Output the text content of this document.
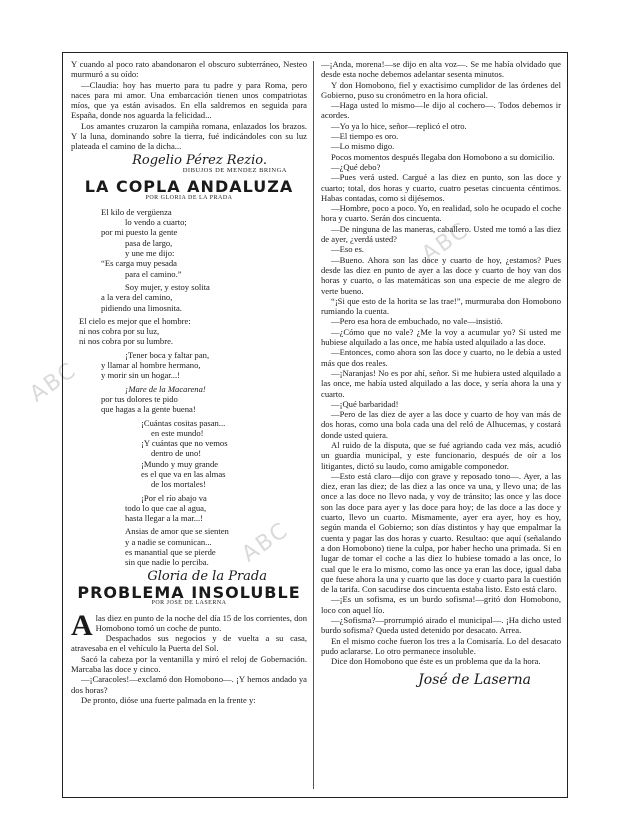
ABC
ABC
ABC

Y cuando al poco rato abandonaron el obscuro subterráneo, Nesteo murmuró a su oído:

—Claudia: hoy has muerto para tu padre y para Roma, pero naces para mi amor. Una embarcación tienen unos compatriotas míos, que ya están avisados. En ella saldremos en seguida para España, donde nos aguarda la felicidad...

Los amantes cruzaron la campiña romana, enlazados los brazos. Y la luna, dominando sobre la tierra, fué indicándoles con su luz plateada el camino de la dicha...

Rogelio Pérez Rezio.
DIBUJOS DE MENDEZ BRINGA
LA COPLA ANDALUZA
POR GLORIA DE LA PRADA
El kilo de vergüenza
lo vendo a cuarto;
por mi puesto la gente
pasa de largo,
y une me dijo:
“Es carga muy pesada
para el camino.”
Soy mujer, y estoy solita
a la vera del camino,
pidiendo una limosnita.
El cielo es mejor que el hombre:
ni nos cobra por su luz,
ni nos cobra por su lumbre.
¡Tener boca y faltar pan,
y llamar al hombre hermano,
y morir sin un hogar...!
¡Mare de la Macarena!
por tus dolores te pido
que hagas a la gente buena!
¡Cuántas cositas pasan...
en este mundo!
¡Y cuántas que no vemos
dentro de uno!
¡Mundo y muy grande
es el que va en las almas
de los mortales!
¡Por el río abajo va
todo lo que cae al agua,
hasta llegar a la mar...!
Ansias de amor que se sienten
y a nadie se comunican...
es manantial que se pierde
sin que nadie lo perciba.
Gloria de la Prada
PROBLEMA INSOLUBLE
POR JOSÉ DE LASERNA

Alas diez en punto de la noche del día 15 de los corrientes, don Homobono tomó un coche de punto.

Despachados sus negocios y de vuelta a su casa, atravesaba en el vehículo la Puerta del Sol.

Sacó la cabeza por la ventanilla y miró el reloj de Gobernación. Marcaba las doce y cinco.

—¡Caracoles!—exclamó don Homobono—. ¡Y hemos andado ya dos horas?

De pronto, dióse una fuerte palmada en la frente y:

—¡Anda, morena!—se dijo en alta voz—. Se me había olvidado que desde esta noche debemos adelantar sesenta minutos.

Y don Homobono, fiel y exactísimo cumplidor de las órdenes del Gobierno, puso su cronómetro en la hora oficial.

—Haga usted lo mismo—le dijo al cochero—. Todos debemos ir acordes.

—Yo ya lo hice, señor—replicó el otro.

—El tiempo es oro.

—Lo mismo digo.

Pocos momentos después llegaba don Homobono a su domicilio.

—¿Qué debo?

—Pues verá usted. Cargué a las diez en punto, son las doce y cuarto; total, dos horas y cuarto, cuatro pesetas cincuenta céntimos. Habas contadas, como si dijésemos.

—Hombre, poco a poco. Yo, en realidad, solo he ocupado el coche hora y cuarto. Serán dos cincuenta.

—De ninguna de las maneras, caballero. Usted me tomó a las diez de ayer, ¿verdá usted?

—Eso es.

—Bueno. Ahora son las doce y cuarto de hoy, ¿estamos? Pues desde las diez en punto de ayer a las doce y cuarto de hoy van dos horas y cuarto, o las matemáticas son una especie de me alegro de verte bueno.

“¡Si que esto de la horita se las trae!”, murmuraba don Homobono rumiando la cuenta.

—Pero esa hora de embuchado, no vale—insistió.

—¿Cómo que no vale? ¿Me la voy a acumular yo? Si usted me hubiese alquilado a las once, me había usted alquilado a las doce.

—Entonces, como ahora son las doce y cuarto, no le debía a usted más que dos reales.

—¡Naranjas! No es por ahí, señor. Si me hubiera usted alquilado a las once, me había usted alquilado a las doce, y sería ahora la una y cuarto.

—¡Qué barbaridad!

—Pero de las diez de ayer a las doce y cuarto de hoy van más de dos horas, como una bola cada una del reló de Alhucemas, y costará donde usted quiera.

Al ruido de la disputa, que se fué agriando cada vez más, acudió un guardia municipal, y este funcionario, después de oír a los litigantes, dictó su laudo, como amigable componedor.

—Esto está claro—dijo con grave y reposado tono—. Ayer, a las diez, eran las diez; de las diez a las once va una, y llevo una; de las once a las doce no llevo nada, y voy de tránsito; las once y las doce son las doce para ayer y las doce para hoy; de las doce a las doce y cuarto, llevo un cuarto. Mismamente, ayer era ayer, hoy es hoy, según manda el Gobierno; son días distintos y hay que empalmar la cuenta y pagar las dos horas y cuarto. Resultao: que aquí (señalando a don Homobono) tiene la culpa, por haber hecho una primada. Si en lugar de tomar el coche a las diez lo hubiese tomado a las once, lo cual que le era lo mismo, como las once ya eran las doce, igual daba que fuese ahora la una y cuarto que las doce y cuarto para la cuestión de la tarifa. Con sacudirse dos cincuenta estaba listo. Esto está claro.

—¡Es un sofisma, es un burdo sofisma!—gritó don Homobono, loco con aquel lío.

—¿Sofisma?—prorrumpió airado el municipal—. ¡Ha dicho usted burdo sofisma? Queda usted detenido por desacato. Arrea.

En el mismo coche fueron los tres a la Comisaría. Lo del desacato pudo aclararse. Lo otro permanece insoluble.

Dice don Homobono que éste es un problema que da la hora.

José de Laserna
